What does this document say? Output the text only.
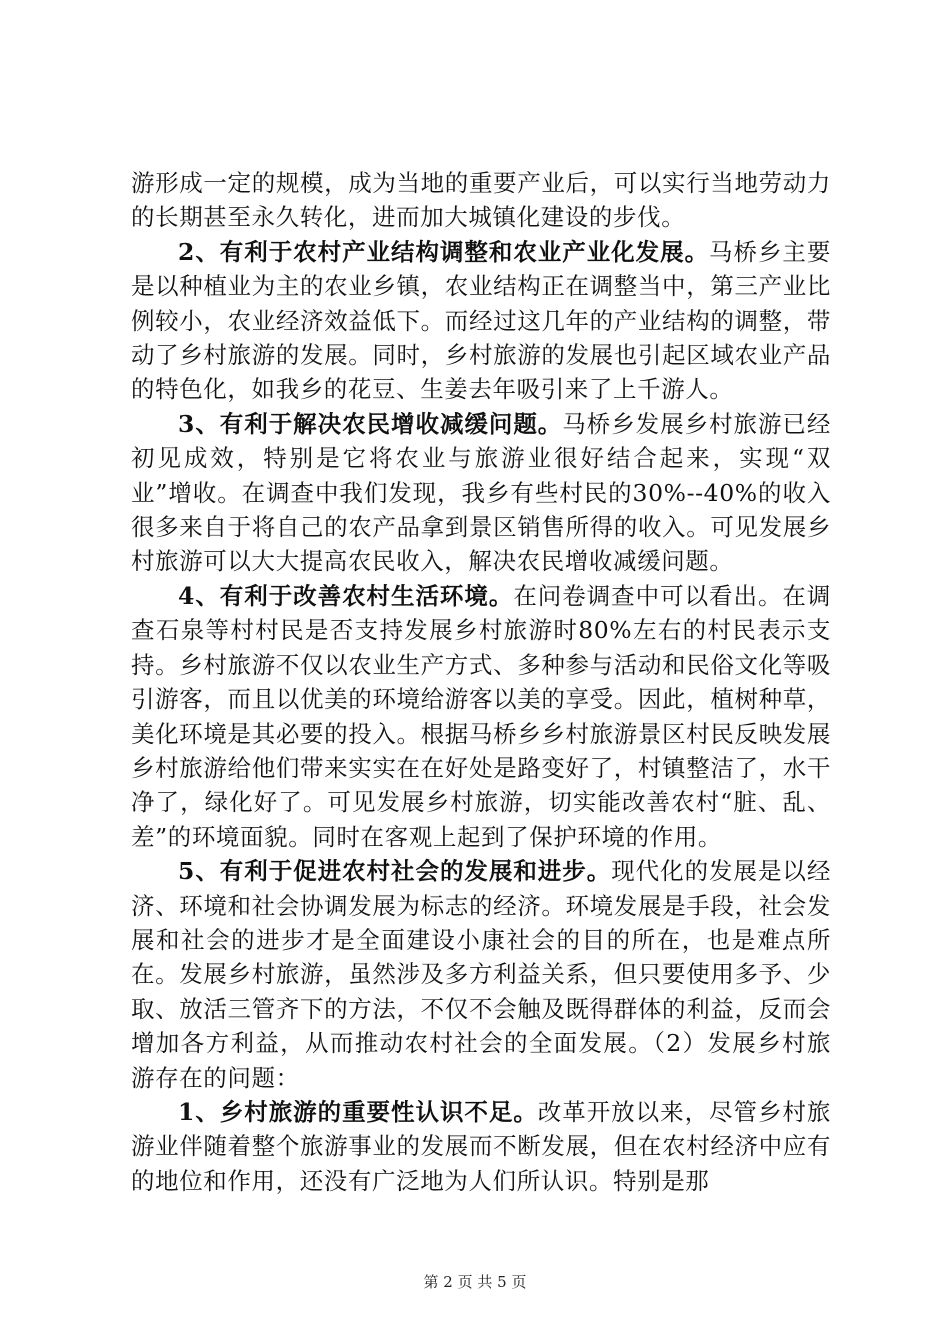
游形成一定的规模，成为当地的重要产业后，可以实行当地劳动力的长期甚至永久转化，进而加大城镇化建设的步伐。

2、有利于农村产业结构调整和农业产业化发展。马桥乡主要是以种植业为主的农业乡镇，农业结构正在调整当中，第三产业比例较小，农业经济效益低下。而经过这几年的产业结构的调整，带动了乡村旅游的发展。同时，乡村旅游的发展也引起区域农业产品的特色化，如我乡的花豆、生姜去年吸引来了上千游人。

3、有利于解决农民增收减缓问题。马桥乡发展乡村旅游已经初见成效，特别是它将农业与旅游业很好结合起来，实现“双业”增收。在调查中我们发现，我乡有些村民的30%--40%的收入很多来自于将自己的农产品拿到景区销售所得的收入。可见发展乡村旅游可以大大提高农民收入，解决农民增收减缓问题。

4、有利于改善农村生活环境。在问卷调查中可以看出。在调查石泉等村村民是否支持发展乡村旅游时80%左右的村民表示支持。乡村旅游不仅以农业生产方式、多种参与活动和民俗文化等吸引游客，而且以优美的环境给游客以美的享受。因此，植树种草，美化环境是其必要的投入。根据马桥乡乡村旅游景区村民反映发展乡村旅游给他们带来实实在在好处是路变好了，村镇整洁了，水干净了，绿化好了。可见发展乡村旅游，切实能改善农村“脏、乱、差”的环境面貌。同时在客观上起到了保护环境的作用。

5、有利于促进农村社会的发展和进步。现代化的发展是以经济、环境和社会协调发展为标志的经济。环境发展是手段，社会发展和社会的进步才是全面建设小康社会的目的所在，也是难点所在。发展乡村旅游，虽然涉及多方利益关系，但只要使用多予、少取、放活三管齐下的方法，不仅不会触及既得群体的利益，反而会增加各方利益，从而推动农村社会的全面发展。（2）发展乡村旅游存在的问题：

1、乡村旅游的重要性认识不足。改革开放以来，尽管乡村旅游业伴随着整个旅游事业的发展而不断发展，但在农村经济中应有的地位和作用，还没有广泛地为人们所认识。特别是那

第 2 页 共 5 页
